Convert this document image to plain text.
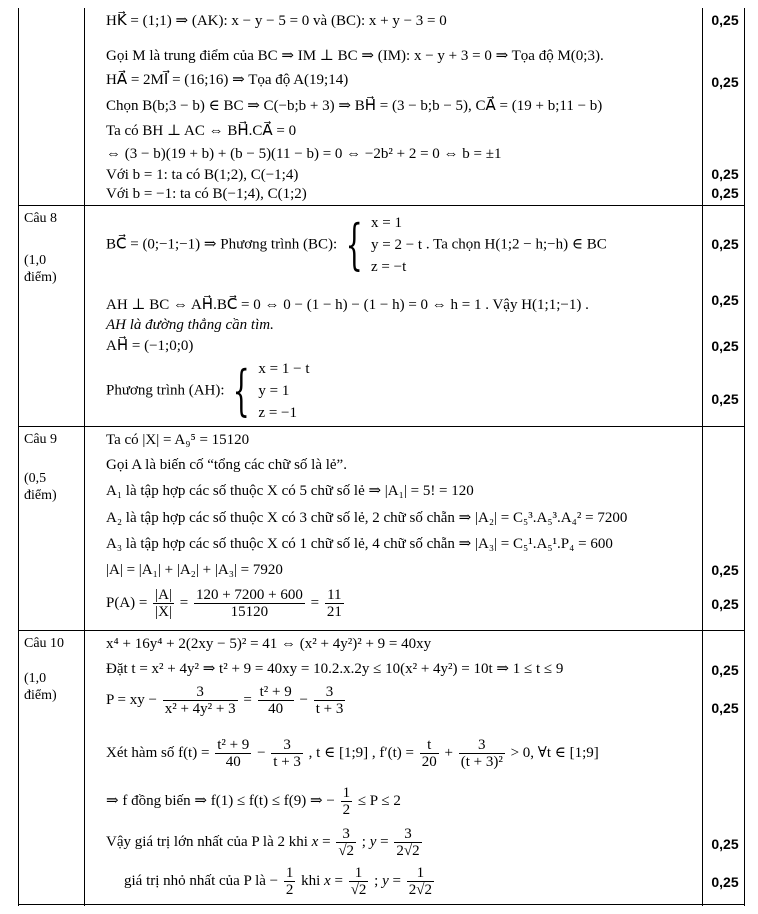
HK⃗ = (1;1) ⇒ (AK): x − y − 5 = 0 và (BC): x + y − 3 = 0
Gọi M là trung điểm của BC ⇒ IM ⊥ BC ⇒ (IM): x − y + 3 = 0 ⇒ Tọa độ M(0;3).
HA⃗ = 2MI⃗ = (16;16) ⇒ Tọa độ A(19;14)
Chọn B(b;3 − b) ∈ BC ⇒ C(−b;b + 3) ⇒ BH⃗ = (3 − b;b − 5), CA⃗ = (19 + b;11 − b)
Ta có BH ⊥ AC ⇔ BH⃗.CA⃗ = 0
⇔ (3 − b)(19 + b) + (b − 5)(11 − b) = 0 ⇔ −2b² + 2 = 0 ⇔ b = ±1
Với b = 1: ta có B(1;2), C(−1;4)
Với b = −1: ta có B(−1;4), C(1;2)
0,25
0,25
0,25
0,25
Câu 8
(1,0 điểm)
BC⃗ = (0;−1;−1) ⇒ Phương trình (BC): { x = 1
y = 2 − t
z = −t
. Ta chọn H(1;2 − h;−h) ∈ BC
AH ⊥ BC ⇔ AH⃗.BC⃗ = 0 ⇔ 0 − (1 − h) − (1 − h) = 0 ⇔ h = 1 . Vậy H(1;1;−1) .
AH là đường thẳng cần tìm.
AH⃗ = (−1;0;0)
Phương trình (AH): { x = 1 − t
y = 1
z = −1
0,25
0,25
0,25
0,25
Câu 9
(0,5 điểm)
Ta có |X| = A₉⁵ = 15120
Gọi A là biến cố “tổng các chữ số là lẻ”.
A₁ là tập hợp các số thuộc X có 5 chữ số lẻ ⇒ |A₁| = 5! = 120
A₂ là tập hợp các số thuộc X có 3 chữ số lẻ, 2 chữ số chẵn ⇒ |A₂| = C₅³.A₅³.A₄² = 7200
A₃ là tập hợp các số thuộc X có 1 chữ số lẻ, 4 chữ số chẵn ⇒ |A₃| = C₅¹.A₅¹.P₄ = 600
|A| = |A₁| + |A₂| + |A₃| = 7920
$P(A) = \frac{|A|}{|X|} = \frac{120 + 7200 + 600}{15120} = \frac{11}{21}$
0,25
0,25
Câu 10
(1,0 điểm)
x⁴ + 16y⁴ + 2(2xy − 5)² = 41 ⇔ (x² + 4y²)² + 9 = 40xy
Đặt t = x² + 4y² ⇒ t² + 9 = 40xy = 10.2.x.2y ≤ 10(x² + 4y²) = 10t ⇒ 1 ≤ t ≤ 9
P = xy − $\frac{3}{\text{x² + 4y² + 3}} = \frac{\text{t² + 9}}{40} - \frac{3}{t + 3}$
Xét hàm số $f(t) = \frac{\text{t² + 9}}{40} - \frac{3}{t + 3}$ , t ∈ [1;9] , $f'(t) = \frac{t}{20} + \frac{3}{\text{(t + 3)²}} > 0$, ∀t ∈ [1;9]
⇒ f đồng biến ⇒ f(1) ≤ f(t) ≤ f(9) ⇒ − $\frac{1}{2} \le P \le 2$
Vậy giá trị lớn nhất của P là 2 khi $x = \frac{3}{√2}$ ; $y = \frac{3}{2√2}$
giá trị nhỏ nhất của P là − $\frac{1}{2}$ khi $x = \frac{1}{√2}$ ; $y = \frac{1}{2√2}$
0,25
0,25
0,25
0,25
